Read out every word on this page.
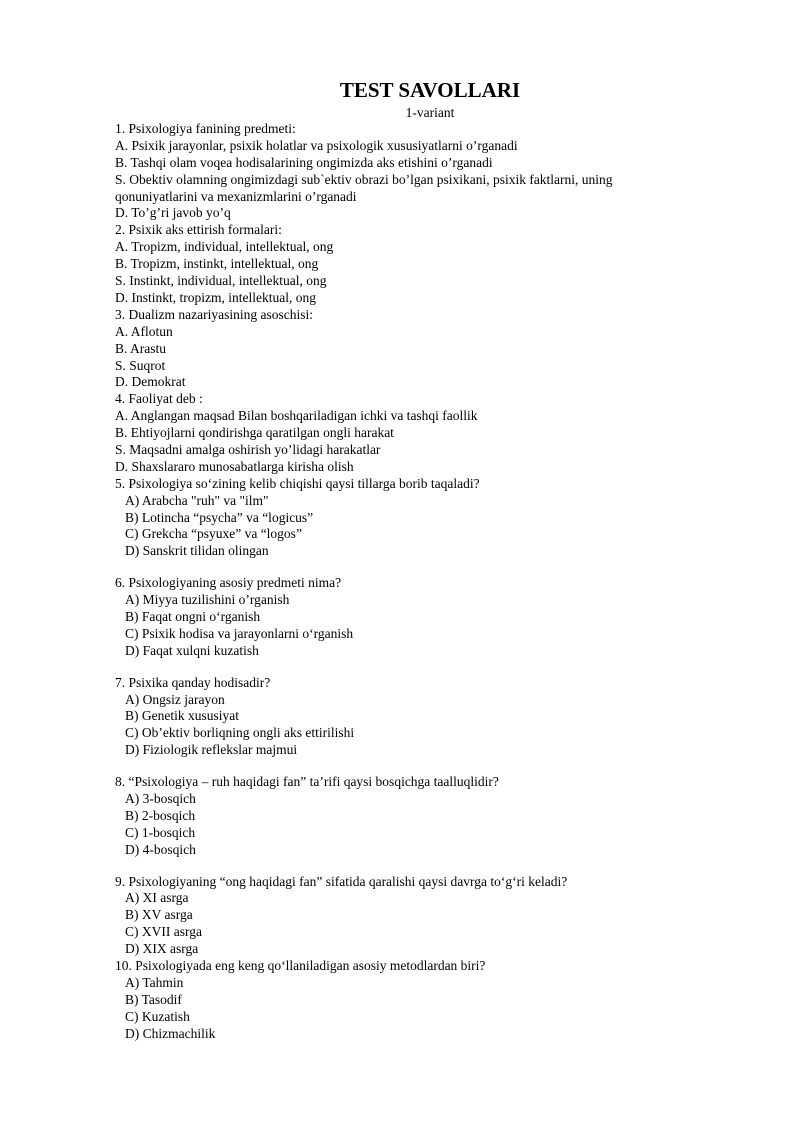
TEST SAVOLLARI
1-variant
1. Psixologiya fanining predmeti:
A. Psixik jarayonlar, psixik holatlar va psixologik xususiyatlarni o’rganadi
B. Tashqi olam voqea hodisalarining ongimizda aks etishini o’rganadi
S. Obektiv olamning ongimizdagi sub`ektiv obrazi bo’lgan psixikani, psixik faktlarni, uning qonuniyatlarini va mexanizmlarini o’rganadi
D. To’g’ri javob yo’q
2. Psixik aks ettirish formalari:
A. Tropizm, individual, intellektual, ong
B. Tropizm, instinkt, intellektual, ong
S. Instinkt, individual, intellektual, ong
D. Instinkt, tropizm, intellektual, ong
3. Dualizm nazariyasining asoschisi:
A. Aflotun
B. Arastu
S. Suqrot
D. Demokrat
4. Faoliyat deb :
A. Anglangan maqsad Bilan boshqariladigan ichki va tashqi faollik
B. Ehtiyojlarni qondirishga qaratilgan ongli harakat
S. Maqsadni amalga oshirish yo’lidagi harakatlar
D. Shaxslararo munosabatlarga kirisha olish
5. Psixologiya so‘zining kelib chiqishi qaysi tillarga borib taqaladi?
A) Arabcha "ruh" va "ilm"
B) Lotincha “psycha” va “logicus”
C) Grekcha “psyuxe” va “logos”
D) Sanskrit tilidan olingan
6. Psixologiyaning asosiy predmeti nima?
A) Miyya tuzilishini o’rganish
B) Faqat ongni o‘rganish
C) Psixik hodisa va jarayonlarni o‘rganish
D) Faqat xulqni kuzatish
7. Psixika qanday hodisadir?
A) Ongsiz jarayon
B) Genetik xususiyat
C) Ob’ektiv borliqning ongli aks ettirilishi
D) Fiziologik reflekslar majmui
8. “Psixologiya – ruh haqidagi fan” ta’rifi qaysi bosqichga taalluqlidir?
A) 3-bosqich
B) 2-bosqich
C) 1-bosqich
D) 4-bosqich
9. Psixologiyaning “ong haqidagi fan” sifatida qaralishi qaysi davrga to‘g‘ri keladi?
A) XI asrga
B) XV asrga
C) XVII asrga
D) XIX asrga
10. Psixologiyada eng keng qo‘llaniladigan asosiy metodlardan biri?
A) Tahmin
B) Tasodif
C) Kuzatish
D) Chizmachilik
